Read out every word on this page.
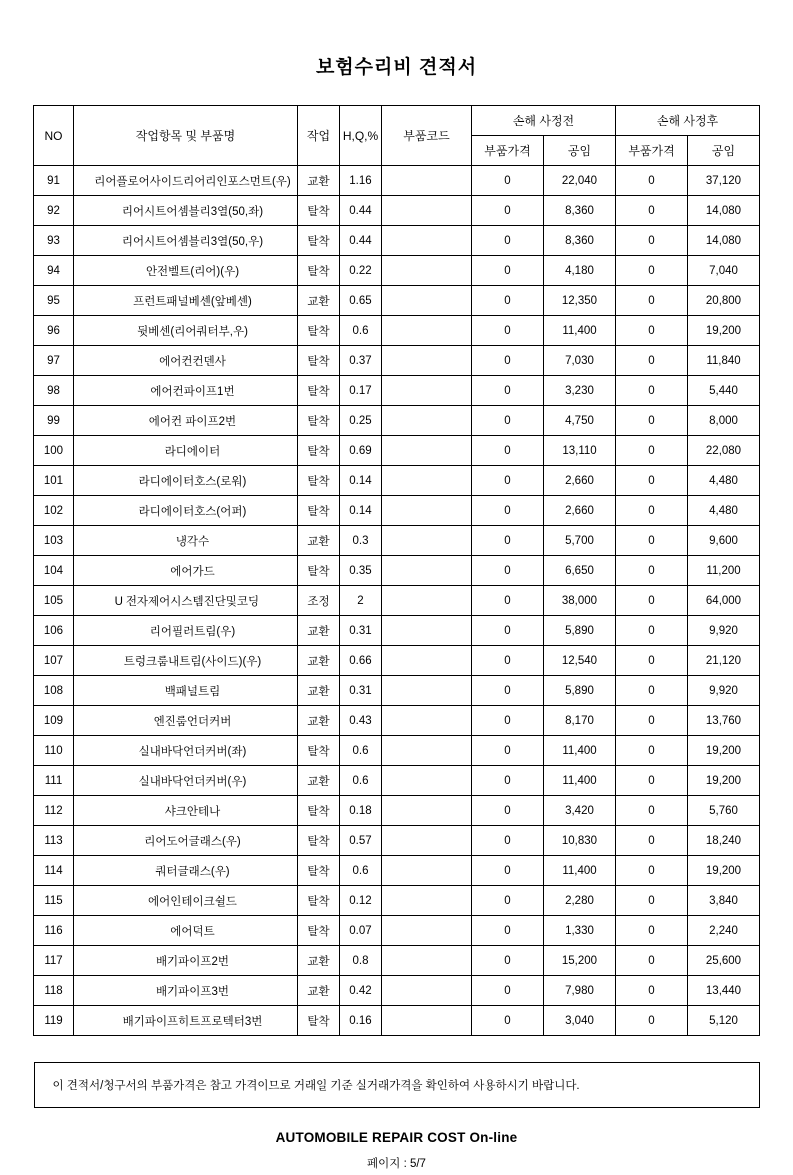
보험수리비 견적서
NO	작업항목 및 부품명	작업	H,Q,%	부품코드	손해 사정전		손해 사정후	
					부품가격	공임	부품가격	공임
91	리어플로어사이드리어리인포스먼트(우)	교환	1.16		0	22,040	0	37,120
92	리어시트어셈블리3열(50,좌)	탈착	0.44		0	8,360	0	14,080
93	리어시트어셈블리3열(50,우)	탈착	0.44		0	8,360	0	14,080
94	안전벨트(리어)(우)	탈착	0.22		0	4,180	0	7,040
95	프런트패널베센(앞베센)	교환	0.65		0	12,350	0	20,800
96	뒷베센(리어쿼터부,우)	탈착	0.6		0	11,400	0	19,200
97	에어컨컨덴사	탈착	0.37		0	7,030	0	11,840
98	에어컨파이프1번	탈착	0.17		0	3,230	0	5,440
99	에어컨 파이프2번	탈착	0.25		0	4,750	0	8,000
100	라디에이터	탈착	0.69		0	13,110	0	22,080
101	라디에이터호스(로워)	탈착	0.14		0	2,660	0	4,480
102	라디에이터호스(어퍼)	탈착	0.14		0	2,660	0	4,480
103	냉각수	교환	0.3		0	5,700	0	9,600
104	에어가드	탈착	0.35		0	6,650	0	11,200
105	U 전자제어시스템진단및코딩	조정	2		0	38,000	0	64,000
106	리어필러트림(우)	교환	0.31		0	5,890	0	9,920
107	트렁크룸내트림(사이드)(우)	교환	0.66		0	12,540	0	21,120
108	백패널트림	교환	0.31		0	5,890	0	9,920
109	엔진룸언더커버	교환	0.43		0	8,170	0	13,760
110	실내바닥언더커버(좌)	탈착	0.6		0	11,400	0	19,200
111	실내바닥언더커버(우)	교환	0.6		0	11,400	0	19,200
112	샤크안테나	탈착	0.18		0	3,420	0	5,760
113	리어도어글래스(우)	탈착	0.57		0	10,830	0	18,240
114	쿼터글래스(우)	탈착	0.6		0	11,400	0	19,200
115	에어인테이크쉴드	탈착	0.12		0	2,280	0	3,840
116	에어덕트	탈착	0.07		0	1,330	0	2,240
117	배기파이프2번	교환	0.8		0	15,200	0	25,600
118	배기파이프3번	교환	0.42		0	7,980	0	13,440
119	배기파이프히트프로텍터3번	탈착	0.16		0	3,040	0	5,120
이 견적서/청구서의 부품가격은 참고 가격이므로 거래일 기준 실거래가격을 확인하여 사용하시기 바랍니다.
AUTOMOBILE REPAIR COST On-line
페이지 : 5/7
